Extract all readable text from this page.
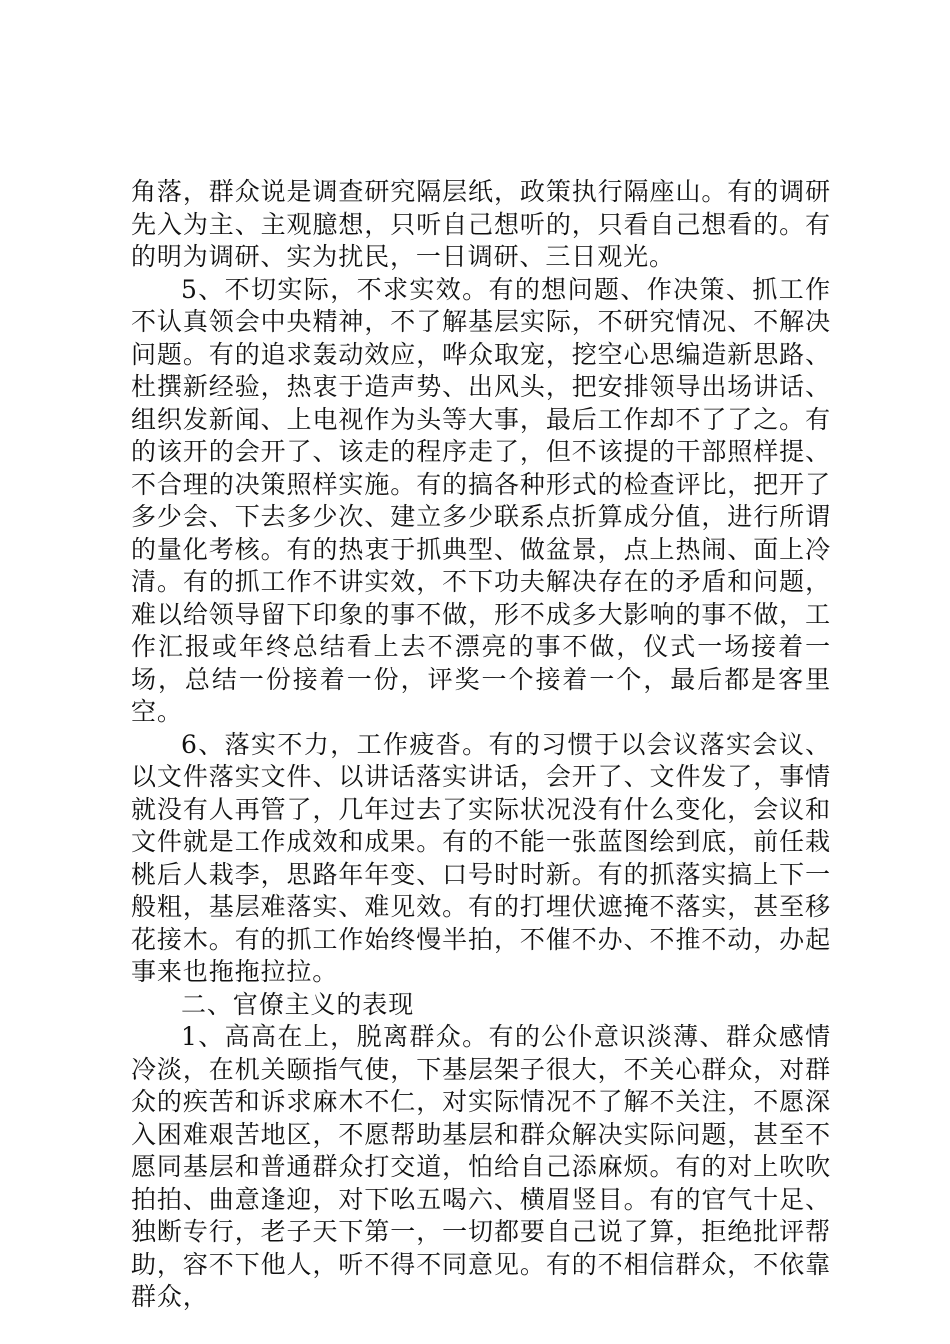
角落，群众说是调查研究隔层纸，政策执行隔座山。有的调研先入为主、主观臆想，只听自己想听的，只看自己想看的。有的明为调研、实为扰民，一日调研、三日观光。

5、不切实际，不求实效。有的想问题、作决策、抓工作不认真领会中央精神，不了解基层实际，不研究情况、不解决问题。有的追求轰动效应，哗众取宠，挖空心思编造新思路、杜撰新经验，热衷于造声势、出风头，把安排领导出场讲话、组织发新闻、上电视作为头等大事，最后工作却不了了之。有的该开的会开了、该走的程序走了，但不该提的干部照样提、不合理的决策照样实施。有的搞各种形式的检查评比，把开了多少会、下去多少次、建立多少联系点折算成分值，进行所谓的量化考核。有的热衷于抓典型、做盆景，点上热闹、面上冷清。有的抓工作不讲实效，不下功夫解决存在的矛盾和问题，难以给领导留下印象的事不做，形不成多大影响的事不做，工作汇报或年终总结看上去不漂亮的事不做，仪式一场接着一场，总结一份接着一份，评奖一个接着一个，最后都是客里空。

6、落实不力，工作疲沓。有的习惯于以会议落实会议、以文件落实文件、以讲话落实讲话，会开了、文件发了，事情就没有人再管了，几年过去了实际状况没有什么变化，会议和文件就是工作成效和成果。有的不能一张蓝图绘到底，前任栽桃后人栽李，思路年年变、口号时时新。有的抓落实搞上下一般粗，基层难落实、难见效。有的打埋伏遮掩不落实，甚至移花接木。有的抓工作始终慢半拍，不催不办、不推不动，办起事来也拖拖拉拉。

二、官僚主义的表现

1、高高在上，脱离群众。有的公仆意识淡薄、群众感情冷淡，在机关颐指气使，下基层架子很大，不关心群众，对群众的疾苦和诉求麻木不仁，对实际情况不了解不关注，不愿深入困难艰苦地区，不愿帮助基层和群众解决实际问题，甚至不愿同基层和普通群众打交道，怕给自己添麻烦。有的对上吹吹拍拍、曲意逢迎，对下吆五喝六、横眉竖目。有的官气十足、独断专行，老子天下第一，一切都要自己说了算，拒绝批评帮助，容不下他人，听不得不同意见。有的不相信群众，不依靠群众，
